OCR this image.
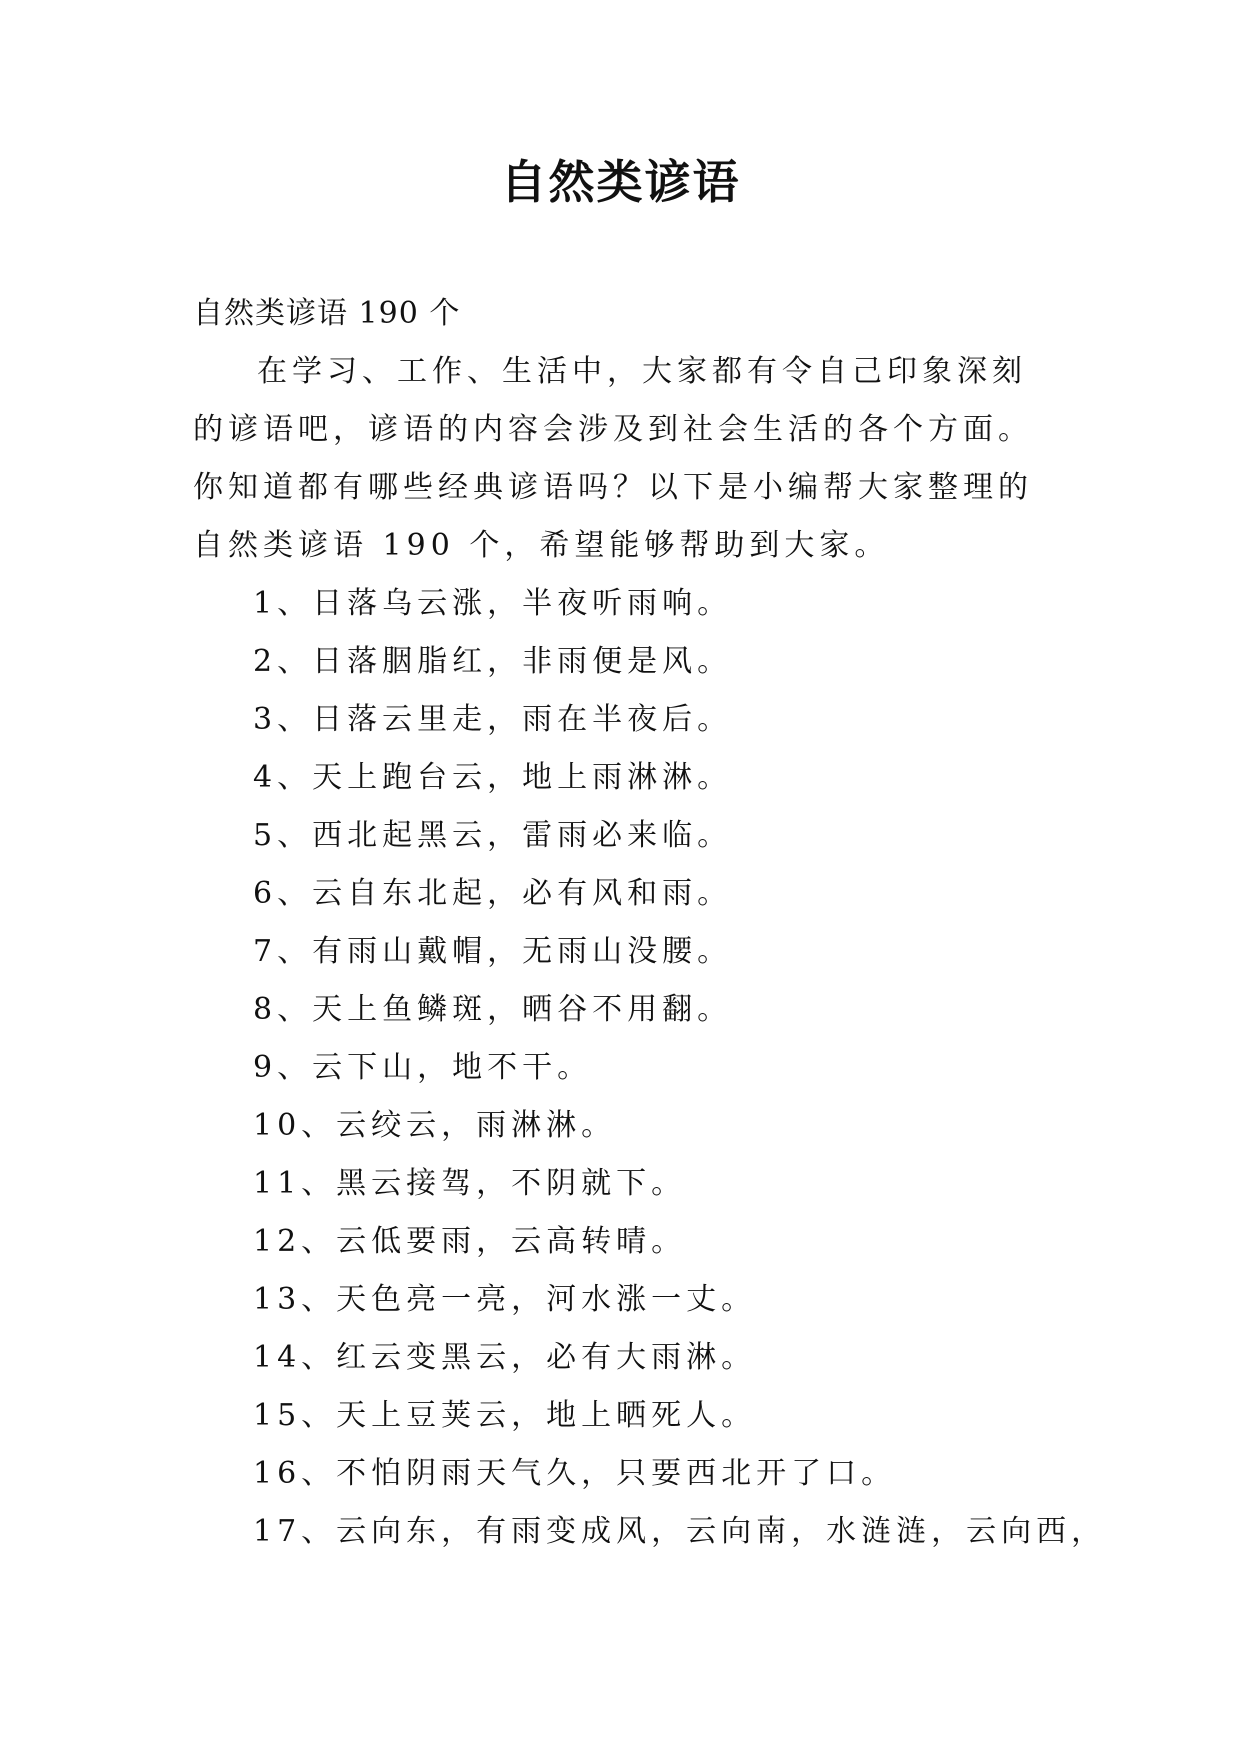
自然类谚语

自然类谚语 190 个

在学习、工作、生活中，大家都有令自己印象深刻的谚语吧，谚语的内容会涉及到社会生活的各个方面。你知道都有哪些经典谚语吗？以下是小编帮大家整理的自然类谚语 190 个，希望能够帮助到大家。

1、日落乌云涨，半夜听雨响。

2、日落胭脂红，非雨便是风。

3、日落云里走，雨在半夜后。

4、天上跑台云，地上雨淋淋。

5、西北起黑云，雷雨必来临。

6、云自东北起，必有风和雨。

7、有雨山戴帽，无雨山没腰。

8、天上鱼鳞斑，晒谷不用翻。

9、云下山，地不干。

10、云绞云，雨淋淋。

11、黑云接驾，不阴就下。

12、云低要雨，云高转晴。

13、天色亮一亮，河水涨一丈。

14、红云变黑云，必有大雨淋。

15、天上豆荚云，地上晒死人。

16、不怕阴雨天气久，只要西北开了口。

17、云向东，有雨变成风，云向南，水涟涟，云向西，
